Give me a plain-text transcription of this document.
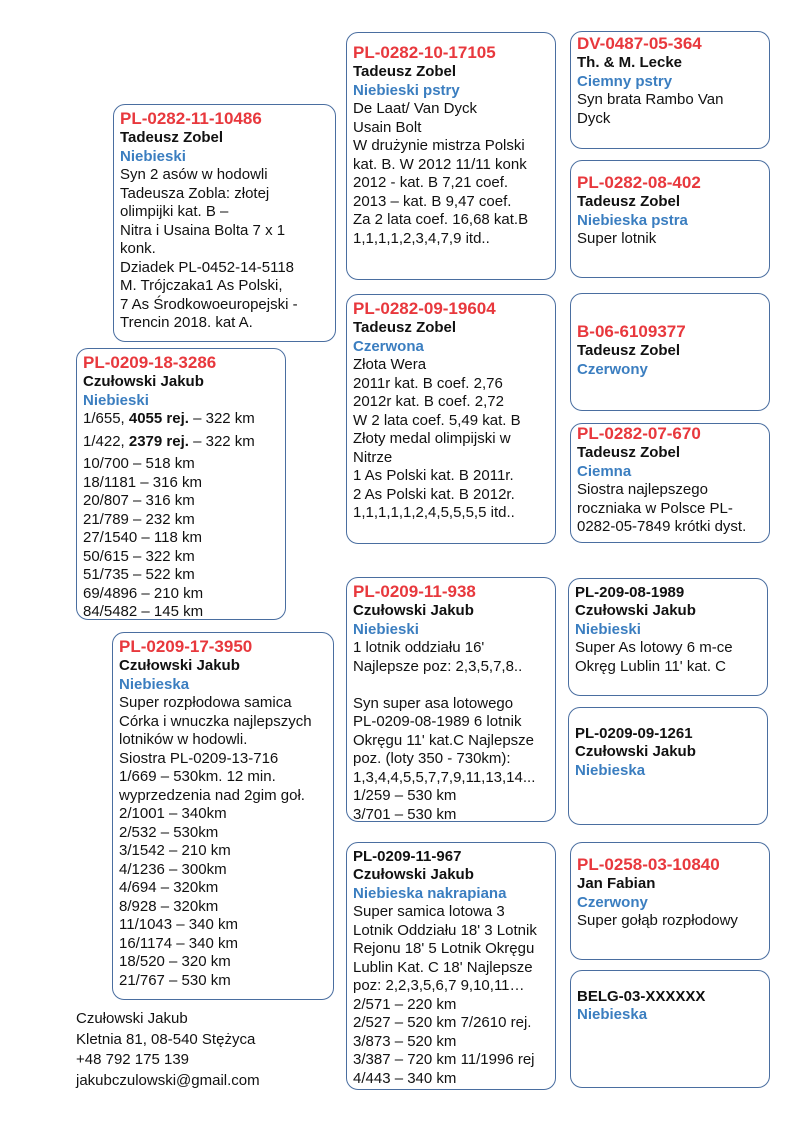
PL-0282-11-10486
Tadeusz Zobel
Niebieski
Syn 2 asów w hodowli
Tadeusza Zobla: złotej
olimpijki kat. B –
Nitra i Usaina Bolta 7 x 1
konk.
Dziadek PL-0452-14-5118
M. Trójczaka1 As Polski,
7 As Środkowoeuropejski -
Trencin 2018. kat A.
PL-0209-18-3286
Czułowski Jakub
Niebieski
1/655, *1/4055 rej. – 322 km
1/422, *3/2379 rej. – 322 km
10/700 – 518 km
18/1181 – 316 km
20/807 – 316 km
21/789 – 232 km
27/1540 – 118 km
50/615 – 322 km
51/735 – 522 km
69/4896 – 210 km
84/5482 – 145 km
PL-0209-17-3950
Czułowski Jakub
Niebieska
Super rozpłodowa samica
Córka i wnuczka najlepszych
lotników w hodowli.
Siostra PL-0209-13-716
1/669 – 530km. 12 min.
wyprzedzenia nad 2gim goł.
2/1001 – 340km
2/532 – 530km
3/1542 – 210 km
4/1236 – 300km
4/694 – 320km
8/928 – 320km
11/1043 – 340 km
16/1174 – 340 km
18/520 – 320 km
21/767 – 530 km
PL-0282-10-17105
Tadeusz Zobel
Niebieski pstry
De Laat/ Van Dyck
Usain Bolt
W drużynie mistrza Polski
kat. B. W 2012 11/11 konk
2012 - kat. B 7,21 coef.
2013 – kat. B 9,47 coef.
Za 2 lata coef. 16,68 kat.B
1,1,1,1,2,3,4,7,9 itd..
PL-0282-09-19604
Tadeusz Zobel
Czerwona
Złota Wera
2011r kat. B coef. 2,76
2012r kat. B coef. 2,72
W 2 lata coef. 5,49 kat. B
Złoty medal olimpijski w
Nitrze
1 As Polski kat. B 2011r.
2 As Polski kat. B 2012r.
1,1,1,1,1,2,4,5,5,5,5 itd..
PL-0209-11-938
Czułowski Jakub
Niebieski
1 lotnik oddziału 16'
Najlepsze poz: 2,3,5,7,8..
Syn super asa lotowego
PL-0209-08-1989 6 lotnik
Okręgu 11' kat.C Najlepsze
poz. (loty 350 - 730km):
1,3,4,4,5,5,7,7,9,11,13,14...
1/259 – 530 km
3/701 – 530 km
PL-0209-11-967
Czułowski Jakub
Niebieska nakrapiana
Super samica lotowa 3
Lotnik Oddziału 18' 3 Lotnik
Rejonu 18' 5 Lotnik Okręgu
Lublin Kat. C 18' Najlepsze
poz: 2,2,3,5,6,7 9,10,11…
2/571 – 220 km
2/527 – 520 km 7/2610 rej.
3/873 – 520 km
3/387 – 720 km 11/1996 rej
4/443 – 340 km
DV-0487-05-364
Th. & M. Lecke
Ciemny pstry
Syn brata Rambo Van
Dyck
PL-0282-08-402
Tadeusz Zobel
Niebieska pstra
Super lotnik
B-06-6109377
Tadeusz Zobel
Czerwony
PL-0282-07-670
Tadeusz Zobel
Ciemna
Siostra najlepszego
roczniaka w Polsce PL-
0282-05-7849 krótki dyst.
PL-209-08-1989
Czułowski Jakub
Niebieski
Super As lotowy 6 m-ce
Okręg Lublin 11' kat. C
PL-0209-09-1261
Czułowski Jakub
Niebieska
PL-0258-03-10840
Jan Fabian
Czerwony
Super gołąb rozpłodowy
BELG-03-XXXXXX
Niebieska
Czułowski Jakub
Kletnia 81, 08-540 Stężyca
+48 792 175 139
jakubczulowski@gmail.com
